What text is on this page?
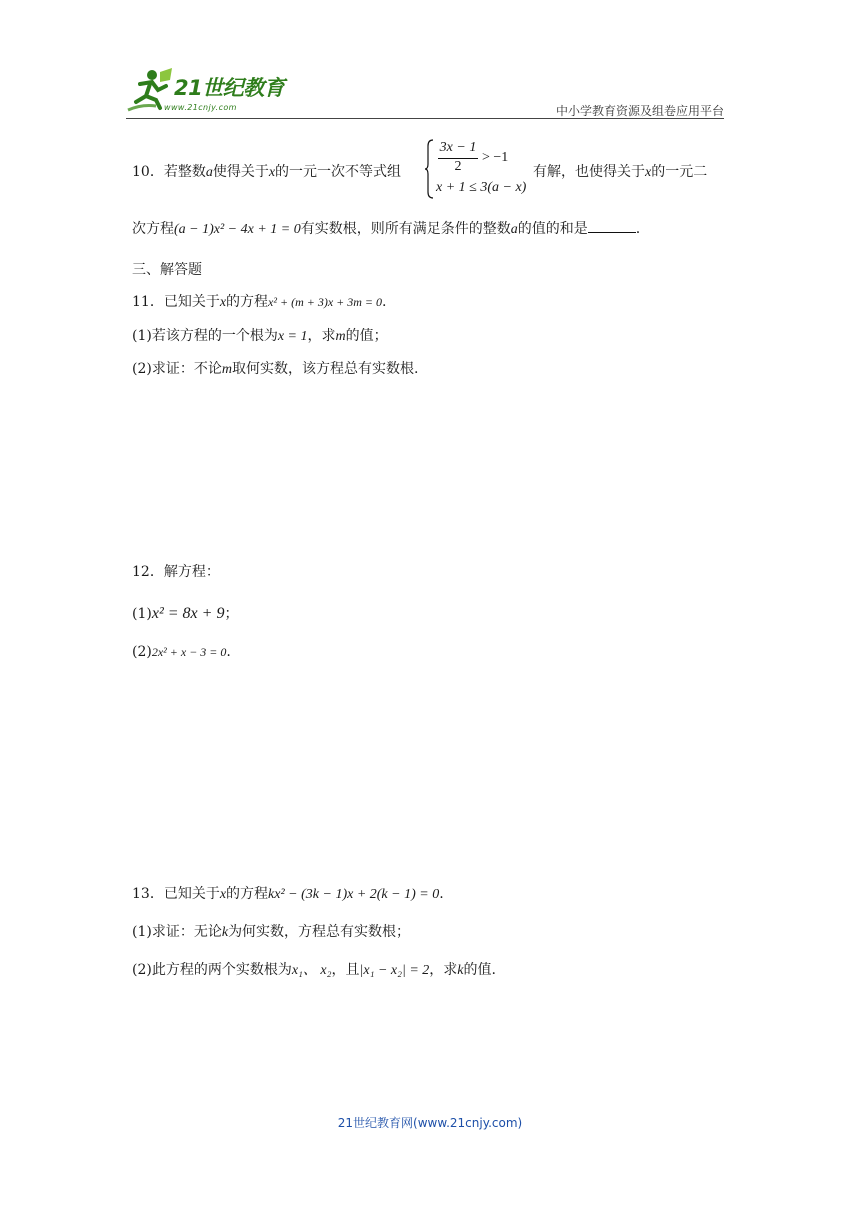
21世纪教育
www.21cnjy.com	中小学教育资源及组卷应用平台
10．若整数a使得关于x的一元一次不等式组
3x − 1
2
> −1
x + 1 ≤ 3(a − x)
有解，也使得关于x的一元二
次方程(a − 1)x² − 4x + 1 = 0有实数根，则所有满足条件的整数a的值的和是	.
三、解答题
11．已知关于x的方程x² + (m + 3)x + 3m = 0.
(1)若该方程的一个根为x = 1，求m的值；
(2)求证：不论m取何实数，该方程总有实数根.
12．解方程：
(1)x² = 8x + 9；
(2)2x² + x − 3 = 0.
13．已知关于x的方程kx² − (3k − 1)x + 2(k − 1) = 0.
(1)求证：无论k为何实数，方程总有实数根；
(2)此方程的两个实数根为x₁、 x₂，且|x₁ − x₂| = 2，求k的值.
21世纪教育网(www.21cnjy.com)
